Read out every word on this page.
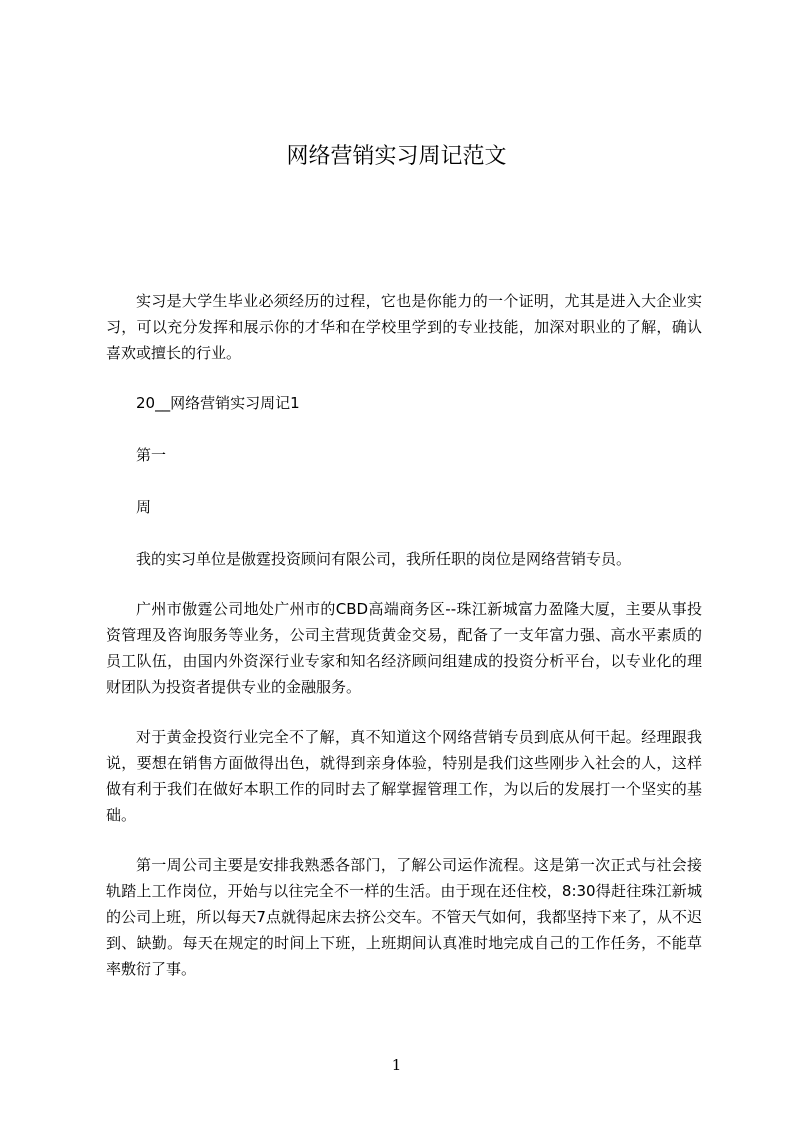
网络营销实习周记范文

实习是大学生毕业必须经历的过程，它也是你能力的一个证明，尤其是进入大企业实习，可以充分发挥和展示你的才华和在学校里学到的专业技能，加深对职业的了解，确认喜欢或擅长的行业。

20__网络营销实习周记1

第一

周

我的实习单位是傲霆投资顾问有限公司，我所任职的岗位是网络营销专员。

广州市傲霆公司地处广州市的CBD高端商务区--珠江新城富力盈隆大厦，主要从事投资管理及咨询服务等业务，公司主营现货黄金交易，配备了一支年富力强、高水平素质的员工队伍，由国内外资深行业专家和知名经济顾问组建成的投资分析平台，以专业化的理财团队为投资者提供专业的金融服务。

对于黄金投资行业完全不了解，真不知道这个网络营销专员到底从何干起。经理跟我说，要想在销售方面做得出色，就得到亲身体验，特别是我们这些刚步入社会的人，这样做有利于我们在做好本职工作的同时去了解掌握管理工作，为以后的发展打一个坚实的基础。

第一周公司主要是安排我熟悉各部门，了解公司运作流程。这是第一次正式与社会接轨踏上工作岗位，开始与以往完全不一样的生活。由于现在还住校，8:30得赶往珠江新城的公司上班，所以每天7点就得起床去挤公交车。不管天气如何，我都坚持下来了，从不迟到、缺勤。每天在规定的时间上下班，上班期间认真准时地完成自己的工作任务，不能草率敷衍了事。

1
